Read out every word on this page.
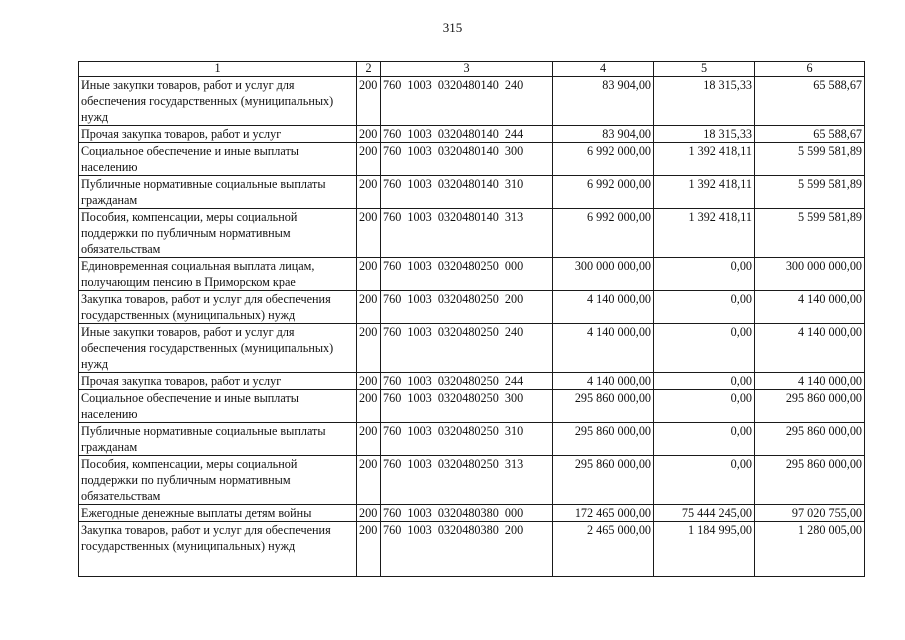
315
1	2	3	4	5	6
Иные закупки товаров, работ и услуг для обеспечения государственных (муниципальных) нужд	200	760  1003  0320480140  240	83 904,00	18 315,33	65 588,67
Прочая закупка товаров, работ и услуг	200	760  1003  0320480140  244	83 904,00	18 315,33	65 588,67
Социальное обеспечение и иные выплаты населению	200	760  1003  0320480140  300	6 992 000,00	1 392 418,11	5 599 581,89
Публичные нормативные социальные выплаты гражданам	200	760  1003  0320480140  310	6 992 000,00	1 392 418,11	5 599 581,89
Пособия, компенсации, меры социальной поддержки по публичным нормативным обязательствам	200	760  1003  0320480140  313	6 992 000,00	1 392 418,11	5 599 581,89
Единовременная социальная выплата лицам, получающим пенсию в Приморском крае	200	760  1003  0320480250  000	300 000 000,00	0,00	300 000 000,00
Закупка товаров, работ и услуг для обеспечения государственных (муниципальных) нужд	200	760  1003  0320480250  200	4 140 000,00	0,00	4 140 000,00
Иные закупки товаров, работ и услуг для обеспечения государственных (муниципальных) нужд	200	760  1003  0320480250  240	4 140 000,00	0,00	4 140 000,00
Прочая закупка товаров, работ и услуг	200	760  1003  0320480250  244	4 140 000,00	0,00	4 140 000,00
Социальное обеспечение и иные выплаты населению	200	760  1003  0320480250  300	295 860 000,00	0,00	295 860 000,00
Публичные нормативные социальные выплаты гражданам	200	760  1003  0320480250  310	295 860 000,00	0,00	295 860 000,00
Пособия, компенсации, меры социальной поддержки по публичным нормативным обязательствам	200	760  1003  0320480250  313	295 860 000,00	0,00	295 860 000,00
Ежегодные денежные выплаты детям войны	200	760  1003  0320480380  000	172 465 000,00	75 444 245,00	97 020 755,00
Закупка товаров, работ и услуг для обеспечения государственных (муниципальных) нужд	200	760  1003  0320480380  200	2 465 000,00	1 184 995,00	1 280 005,00
